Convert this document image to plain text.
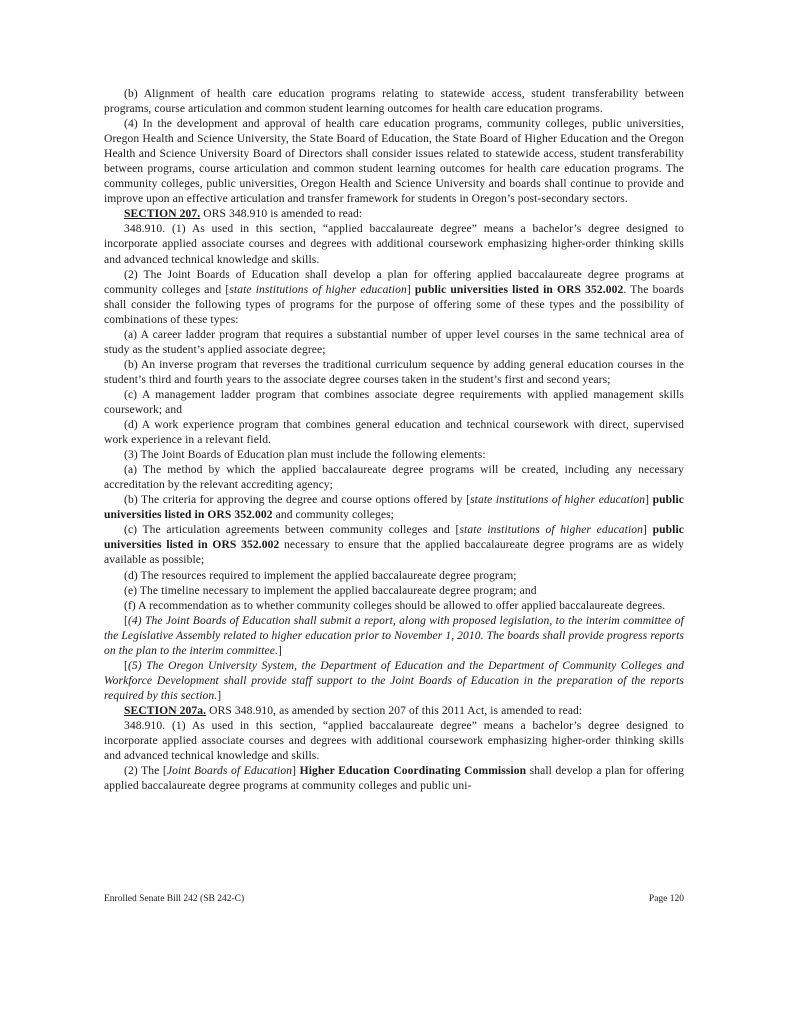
(b) Alignment of health care education programs relating to statewide access, student transferability between programs, course articulation and common student learning outcomes for health care education programs.

(4) In the development and approval of health care education programs, community colleges, public universities, Oregon Health and Science University, the State Board of Education, the State Board of Higher Education and the Oregon Health and Science University Board of Directors shall consider issues related to statewide access, student transferability between programs, course articulation and common student learning outcomes for health care education programs. The community colleges, public universities, Oregon Health and Science University and boards shall continue to provide and improve upon an effective articulation and transfer framework for students in Oregon’s post-secondary sectors.

SECTION 207. ORS 348.910 is amended to read:

348.910. (1) As used in this section, “applied baccalaureate degree” means a bachelor’s degree designed to incorporate applied associate courses and degrees with additional coursework emphasizing higher-order thinking skills and advanced technical knowledge and skills.

(2) The Joint Boards of Education shall develop a plan for offering applied baccalaureate degree programs at community colleges and [state institutions of higher education] public universities listed in ORS 352.002. The boards shall consider the following types of programs for the purpose of offering some of these types and the possibility of combinations of these types:

(a) A career ladder program that requires a substantial number of upper level courses in the same technical area of study as the student’s applied associate degree;

(b) An inverse program that reverses the traditional curriculum sequence by adding general education courses in the student’s third and fourth years to the associate degree courses taken in the student’s first and second years;

(c) A management ladder program that combines associate degree requirements with applied management skills coursework; and

(d) A work experience program that combines general education and technical coursework with direct, supervised work experience in a relevant field.

(3) The Joint Boards of Education plan must include the following elements:

(a) The method by which the applied baccalaureate degree programs will be created, including any necessary accreditation by the relevant accrediting agency;

(b) The criteria for approving the degree and course options offered by [state institutions of higher education] public universities listed in ORS 352.002 and community colleges;

(c) The articulation agreements between community colleges and [state institutions of higher education] public universities listed in ORS 352.002 necessary to ensure that the applied baccalaureate degree programs are as widely available as possible;

(d) The resources required to implement the applied baccalaureate degree program;

(e) The timeline necessary to implement the applied baccalaureate degree program; and

(f) A recommendation as to whether community colleges should be allowed to offer applied baccalaureate degrees.

[(4) The Joint Boards of Education shall submit a report, along with proposed legislation, to the interim committee of the Legislative Assembly related to higher education prior to November 1, 2010. The boards shall provide progress reports on the plan to the interim committee.]

[(5) The Oregon University System, the Department of Education and the Department of Community Colleges and Workforce Development shall provide staff support to the Joint Boards of Education in the preparation of the reports required by this section.]

SECTION 207a. ORS 348.910, as amended by section 207 of this 2011 Act, is amended to read:

348.910. (1) As used in this section, “applied baccalaureate degree” means a bachelor’s degree designed to incorporate applied associate courses and degrees with additional coursework emphasizing higher-order thinking skills and advanced technical knowledge and skills.

(2) The [Joint Boards of Education] Higher Education Coordinating Commission shall develop a plan for offering applied baccalaureate degree programs at community colleges and public uni-

Enrolled Senate Bill 242 (SB 242-C)	Page 120
